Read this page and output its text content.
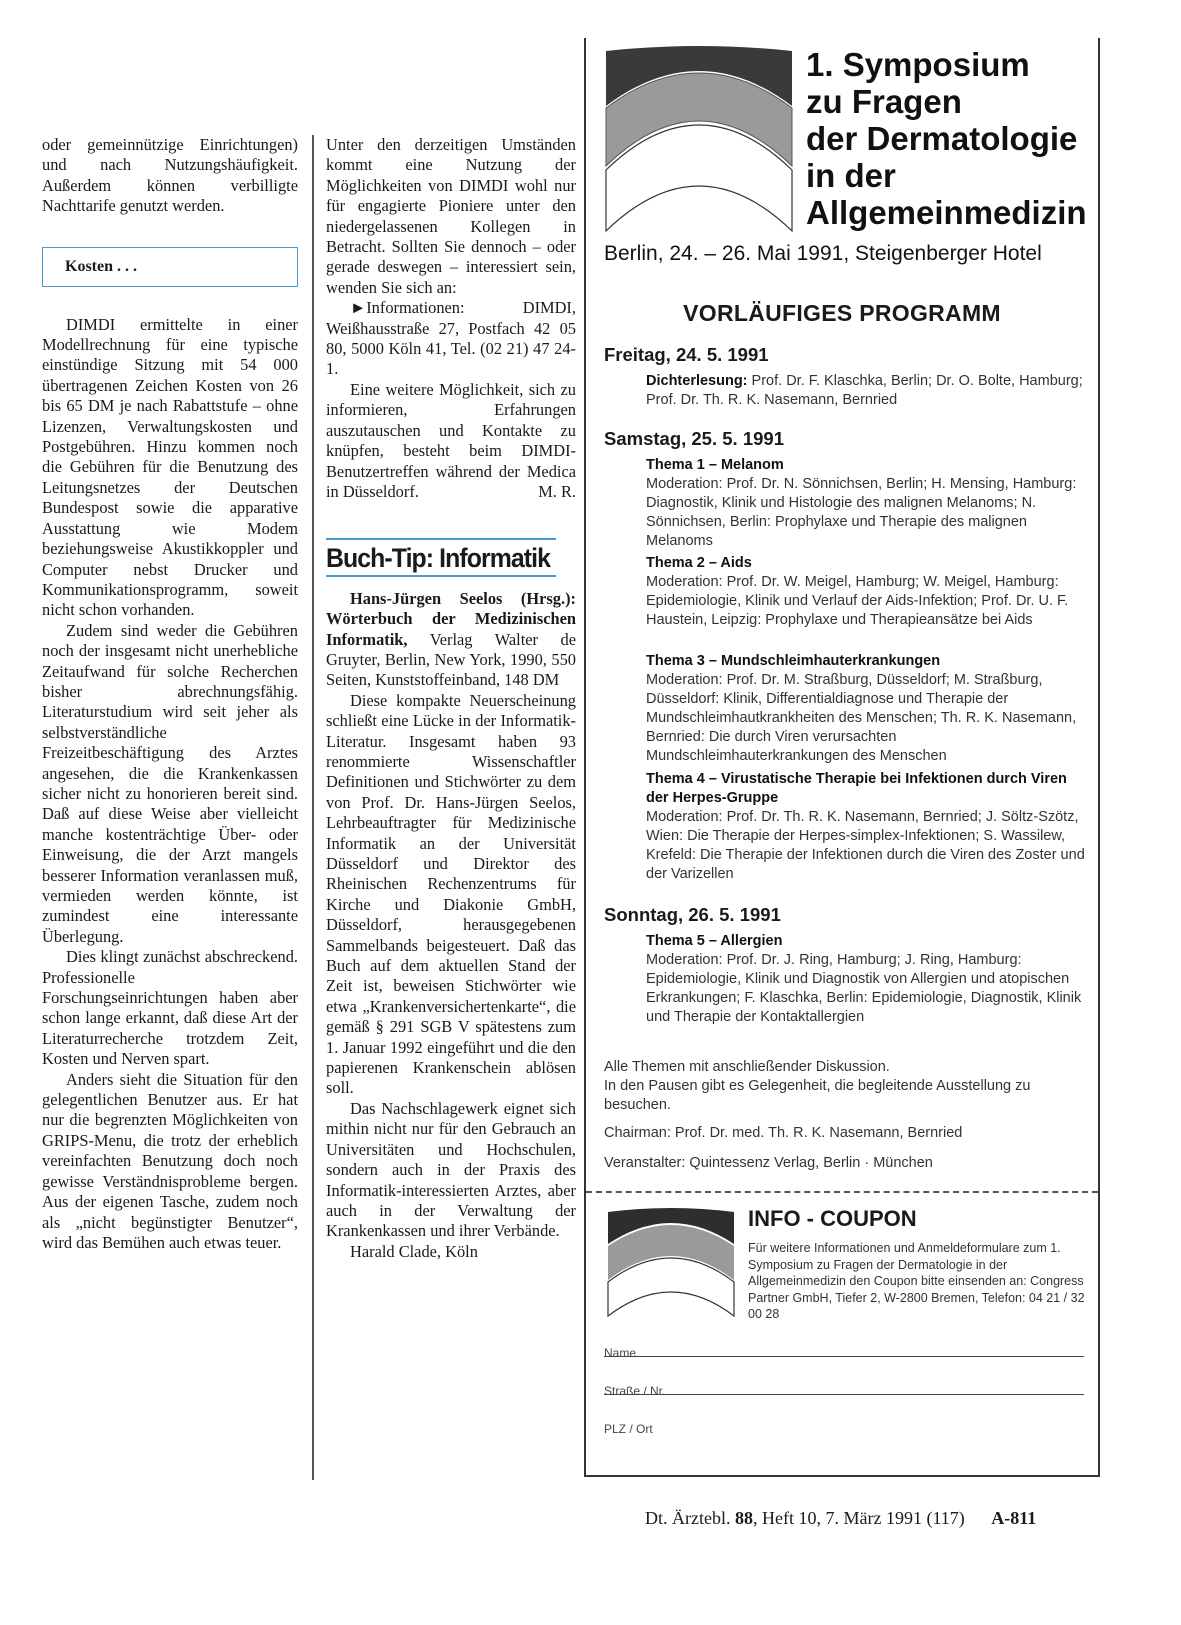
oder gemeinnützige Einrichtungen) und nach Nutzungshäufigkeit. Außerdem können verbilligte Nachttarife genutzt werden.

Kosten . . .

DIMDI ermittelte in einer Modellrechnung für eine typische einstündige Sitzung mit 54 000 übertragenen Zeichen Kosten von 26 bis 65 DM je nach Rabattstufe – ohne Lizenzen, Verwaltungskosten und Postgebühren. Hinzu kommen noch die Gebühren für die Benutzung des Leitungsnetzes der Deutschen Bundespost sowie die apparative Ausstattung wie Modem beziehungsweise Akustikkoppler und Computer nebst Drucker und Kommunikationsprogramm, soweit nicht schon vorhanden.

Zudem sind weder die Gebühren noch der insgesamt nicht unerhebliche Zeitaufwand für solche Recherchen bisher abrechnungsfähig. Literaturstudium wird seit jeher als selbstverständliche Freizeitbeschäftigung des Arztes angesehen, die die Krankenkassen sicher nicht zu honorieren bereit sind. Daß auf diese Weise aber vielleicht manche kostenträchtige Über- oder Einweisung, die der Arzt mangels besserer Information veranlassen muß, vermieden werden könnte, ist zumindest eine interessante Überlegung.

Dies klingt zunächst abschreckend. Professionelle Forschungseinrichtungen haben aber schon lange erkannt, daß diese Art der Literaturrecherche trotzdem Zeit, Kosten und Nerven spart.

Anders sieht die Situation für den gelegentlichen Benutzer aus. Er hat nur die begrenzten Möglichkeiten von GRIPS-Menu, die trotz der erheblich vereinfachten Benutzung doch noch gewisse Verständnisprobleme bergen. Aus der eigenen Tasche, zudem noch als „nicht begünstigter Benutzer“, wird das Bemühen auch etwas teuer.

Unter den derzeitigen Umständen kommt eine Nutzung der Möglichkeiten von DIMDI wohl nur für engagierte Pioniere unter den niedergelassenen Kollegen in Betracht. Sollten Sie dennoch – oder gerade deswegen – interessiert sein, wenden Sie sich an:

►Informationen: DIMDI, Weißhausstraße 27, Postfach 42 05 80, 5000 Köln 41, Tel. (02 21) 47 24-1.

Eine weitere Möglichkeit, sich zu informieren, Erfahrungen auszutauschen und Kontakte zu knüpfen, besteht beim DIMDI-Benutzertreffen während der Medica in Düsseldorf.	M. R.

Buch-Tip: Informatik

Hans-Jürgen Seelos (Hrsg.): Wörterbuch der Medizinischen Informatik, Verlag Walter de Gruyter, Berlin, New York, 1990, 550 Seiten, Kunststoffeinband, 148 DM

Diese kompakte Neuerscheinung schließt eine Lücke in der Informatik-Literatur. Insgesamt haben 93 renommierte Wissenschaftler Definitionen und Stichwörter zu dem von Prof. Dr. Hans-Jürgen Seelos, Lehrbeauftragter für Medizinische Informatik an der Universität Düsseldorf und Direktor des Rheinischen Rechenzentrums für Kirche und Diakonie GmbH, Düsseldorf, herausgegebenen Sammelbands beigesteuert. Daß das Buch auf dem aktuellen Stand der Zeit ist, beweisen Stichwörter wie etwa „Krankenversichertenkarte“, die gemäß § 291 SGB V spätestens zum 1. Januar 1992 eingeführt und die den papierenen Krankenschein ablösen soll.

Das Nachschlagewerk eignet sich mithin nicht nur für den Gebrauch an Universitäten und Hochschulen, sondern auch in der Praxis des Informatik-interessierten Arztes, aber auch in der Verwaltung der Krankenkassen und ihrer Verbände.

Harald Clade, Köln

1. Symposium
zu Fragen
der Dermatologie
in der
Allgemeinmedizin
Berlin, 24. – 26. Mai 1991, Steigenberger Hotel
VORLÄUFIGES PROGRAMM
Freitag, 24. 5. 1991
Dichterlesung: Prof. Dr. F. Klaschka, Berlin; Dr. O. Bolte, Hamburg; Prof. Dr. Th. R. K. Nasemann, Bernried
Samstag, 25. 5. 1991
Thema 1 – Melanom
Moderation: Prof. Dr. N. Sönnichsen, Berlin; H. Mensing, Hamburg: Diagnostik, Klinik und Histologie des malignen Melanoms; N. Sönnichsen, Berlin: Prophylaxe und Therapie des malignen Melanoms
Thema 2 – Aids
Moderation: Prof. Dr. W. Meigel, Hamburg; W. Meigel, Hamburg: Epidemiologie, Klinik und Verlauf der Aids-Infektion; Prof. Dr. U. F. Haustein, Leipzig: Prophylaxe und Therapieansätze bei Aids
Thema 3 – Mundschleimhauterkrankungen
Moderation: Prof. Dr. M. Straßburg, Düsseldorf; M. Straßburg, Düsseldorf: Klinik, Differentialdiagnose und Therapie der Mundschleimhautkrankheiten des Menschen; Th. R. K. Nasemann, Bernried: Die durch Viren verursachten Mundschleimhauterkrankungen des Menschen
Thema 4 – Virustatische Therapie bei Infektionen durch Viren der Herpes-Gruppe
Moderation: Prof. Dr. Th. R. K. Nasemann, Bernried; J. Söltz-Szötz, Wien: Die Therapie der Herpes-simplex-Infektionen; S. Wassilew, Krefeld: Die Therapie der Infektionen durch die Viren des Zoster und der Varizellen
Sonntag, 26. 5. 1991
Thema 5 – Allergien
Moderation: Prof. Dr. J. Ring, Hamburg; J. Ring, Hamburg: Epidemiologie, Klinik und Diagnostik von Allergien und atopischen Erkrankungen; F. Klaschka, Berlin: Epidemiologie, Diagnostik, Klinik und Therapie der Kontaktallergien
Alle Themen mit anschließender Diskussion.
In den Pausen gibt es Gelegenheit, die begleitende Ausstellung zu besuchen.
Chairman: Prof. Dr. med. Th. R. K. Nasemann, Bernried
Veranstalter: Quintessenz Verlag, Berlin · München
INFO - COUPON
Für weitere Informationen und Anmeldeformulare zum 1. Symposium zu Fragen der Dermatologie in der Allgemeinmedizin den Coupon bitte einsenden an: Congress Partner GmbH, Tiefer 2, W-2800 Bremen, Telefon: 04 21 / 32 00 28
Name
Straße / Nr.
PLZ / Ort
Dt. Ärztebl. 88, Heft 10, 7. März 1991 (117) A-811
